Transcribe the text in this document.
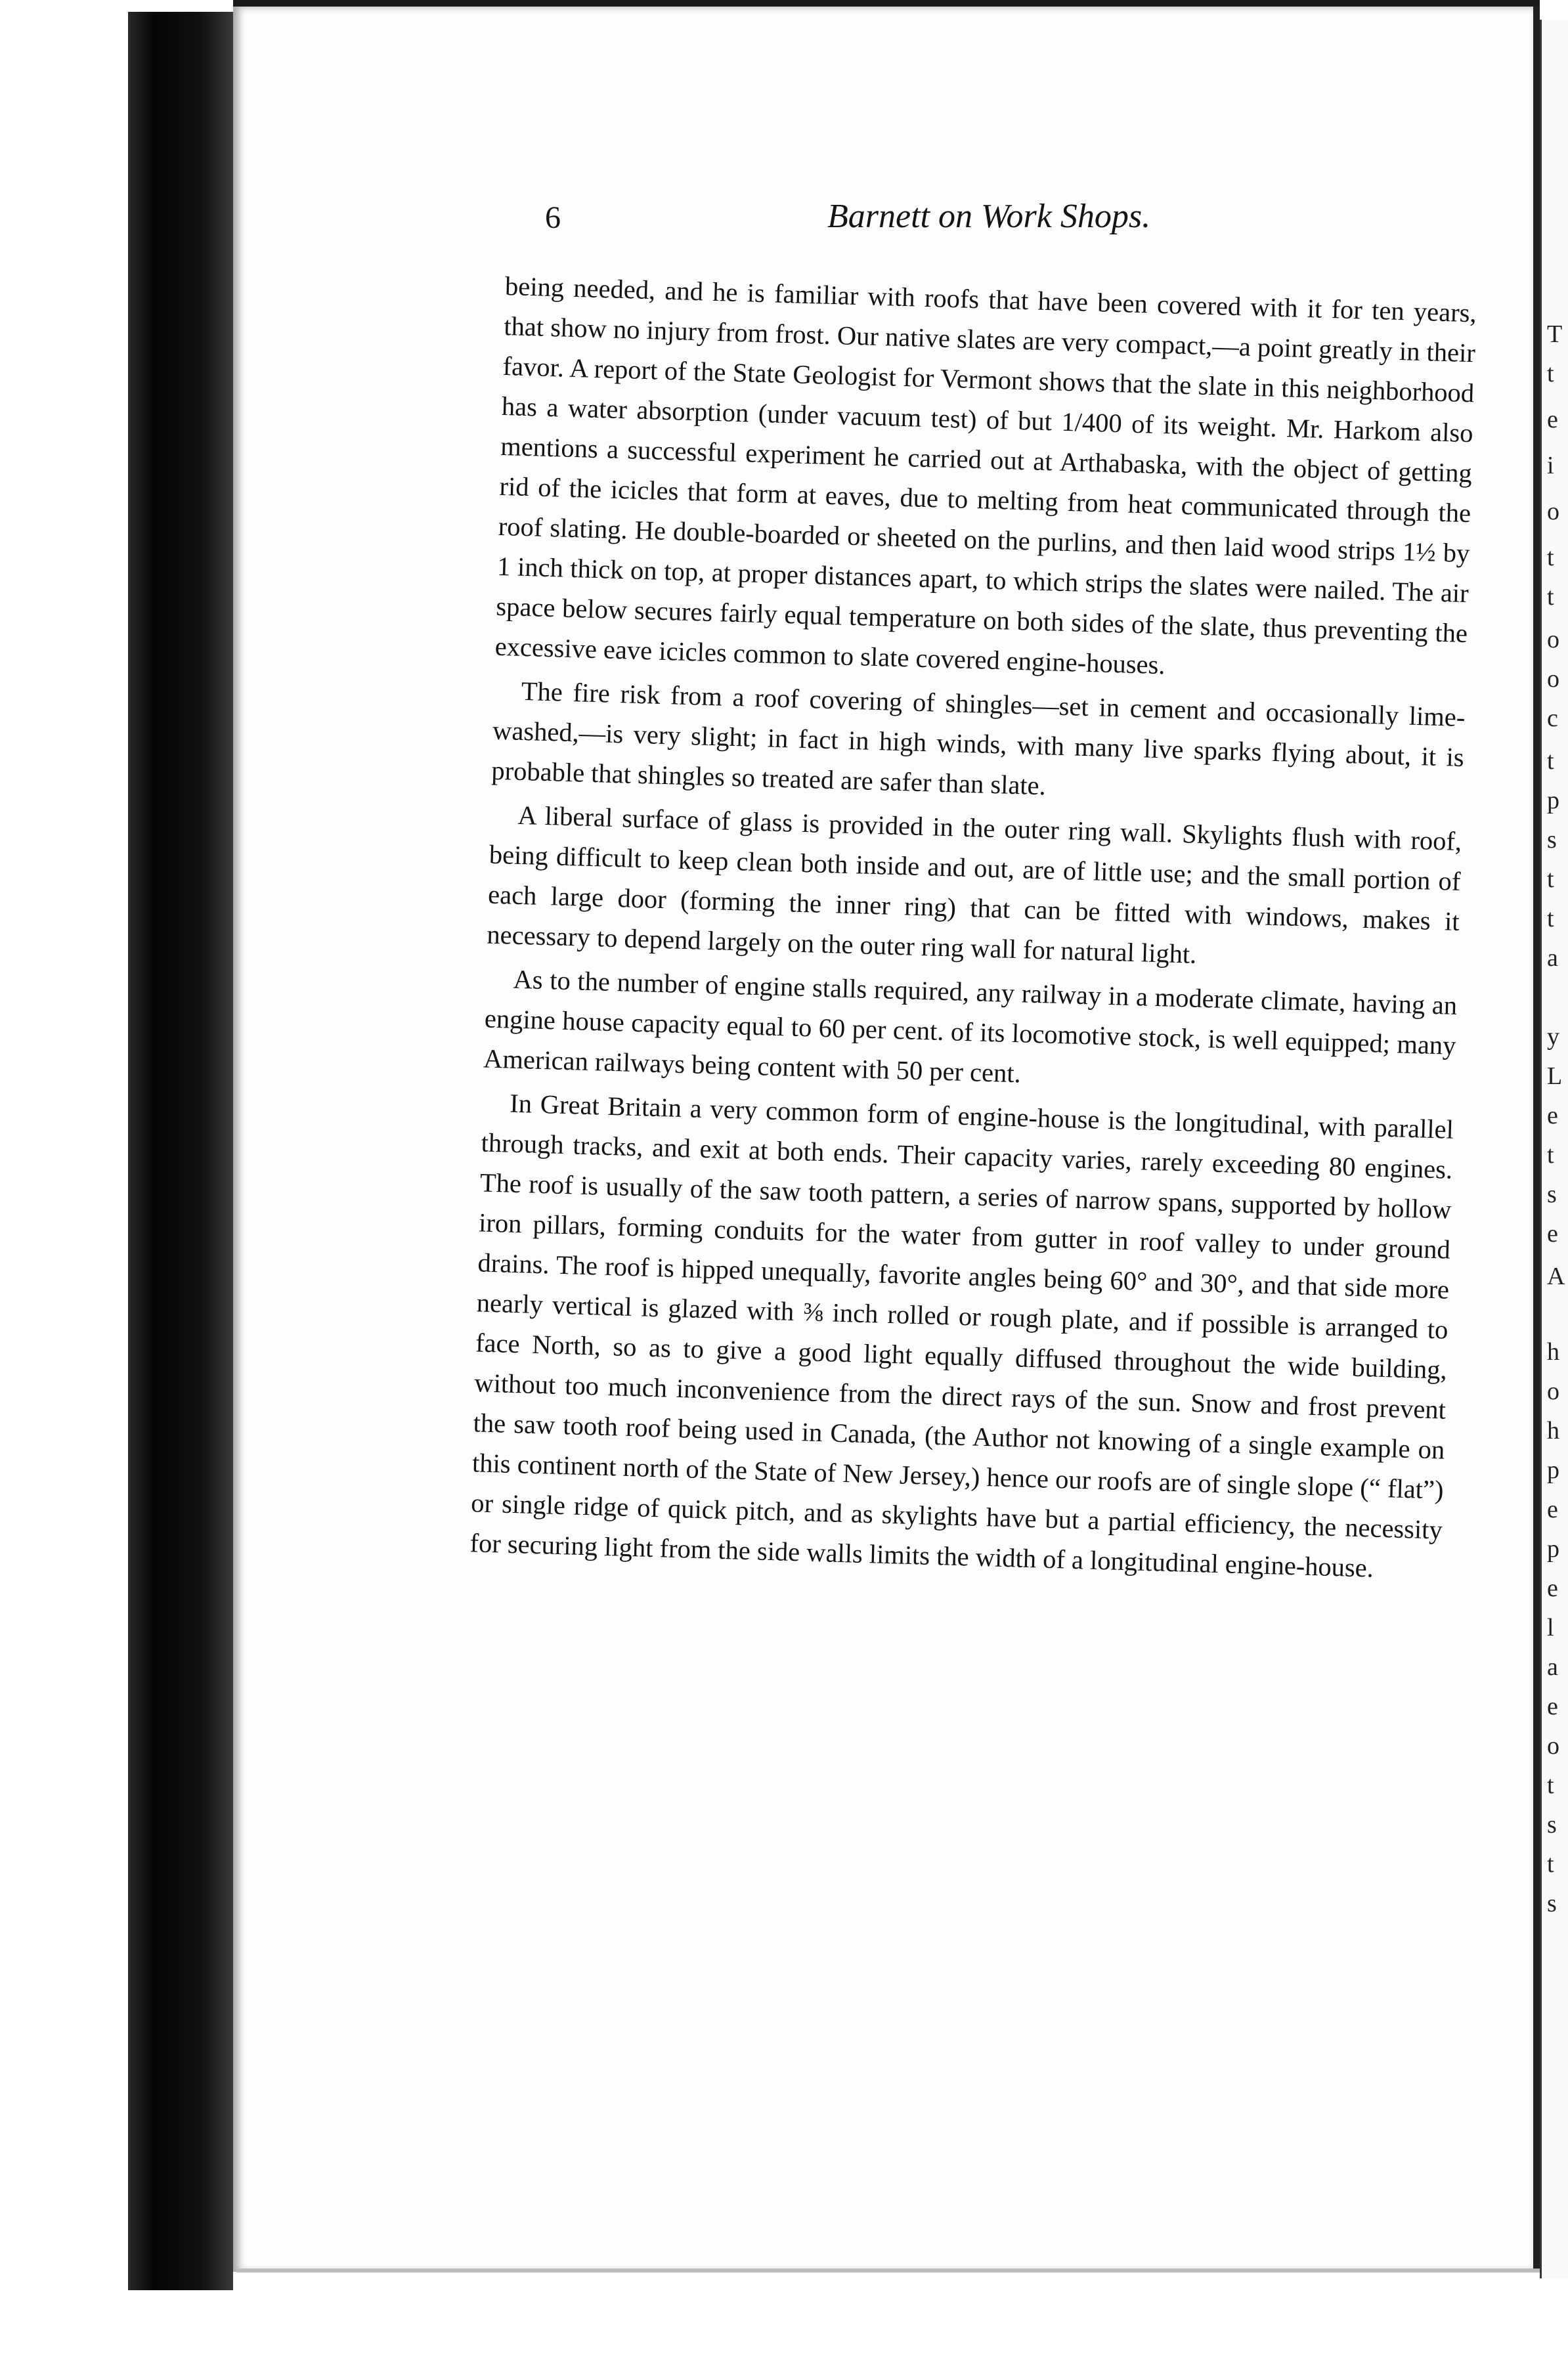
6	Barnett on Work Shops.

being needed, and he is familiar with roofs that have been covered with it for ten years, that show no injury from frost. Our native slates are very compact,—a point greatly in their favor. A report of the State Geologist for Vermont shows that the slate in this neighborhood has a water absorption (under vacuum test) of but 1/400 of its weight. Mr. Harkom also mentions a successful experiment he carried out at Arthabaska, with the object of getting rid of the icicles that form at eaves, due to melting from heat communicated through the roof slating. He double-boarded or sheeted on the purlins, and then laid wood strips 1½ by 1 inch thick on top, at proper distances apart, to which strips the slates were nailed. The air space below secures fairly equal temperature on both sides of the slate, thus preventing the excessive eave icicles common to slate covered engine-houses.

The fire risk from a roof covering of shingles—set in cement and occasionally lime-washed,—is very slight; in fact in high winds, with many live sparks flying about, it is probable that shingles so treated are safer than slate.

A liberal surface of glass is provided in the outer ring wall. Skylights flush with roof, being difficult to keep clean both inside and out, are of little use; and the small portion of each large door (forming the inner ring) that can be fitted with windows, makes it necessary to depend largely on the outer ring wall for natural light.

As to the number of engine stalls required, any railway in a moderate climate, having an engine house capacity equal to 60 per cent. of its locomotive stock, is well equipped; many American railways being content with 50 per cent.

In Great Britain a very common form of engine-house is the longitudinal, with parallel through tracks, and exit at both ends. Their capacity varies, rarely exceeding 80 engines. The roof is usually of the saw tooth pattern, a series of narrow spans, supported by hollow iron pillars, forming conduits for the water from gutter in roof valley to under ground drains. The roof is hipped unequally, favorite angles being 60° and 30°, and that side more nearly vertical is glazed with ⅜ inch rolled or rough plate, and if possible is arranged to face North, so as to give a good light equally diffused throughout the wide building, without too much inconvenience from the direct rays of the sun. Snow and frost prevent the saw tooth roof being used in Canada, (the Author not knowing of a single example on this continent north of the State of New Jersey,) hence our roofs are of single slope (“ flat”) or single ridge of quick pitch, and as skylights have but a partial efficiency, the necessity for securing light from the side walls limits the width of a longitudinal engine-house.

T
t
e
i
o
t
t
o
o
c
t
p
s
t
t
a
y
L
e
t
s
e
A
h
o
h
p
e
p
e
l
a
e
o
t
s
t
s
